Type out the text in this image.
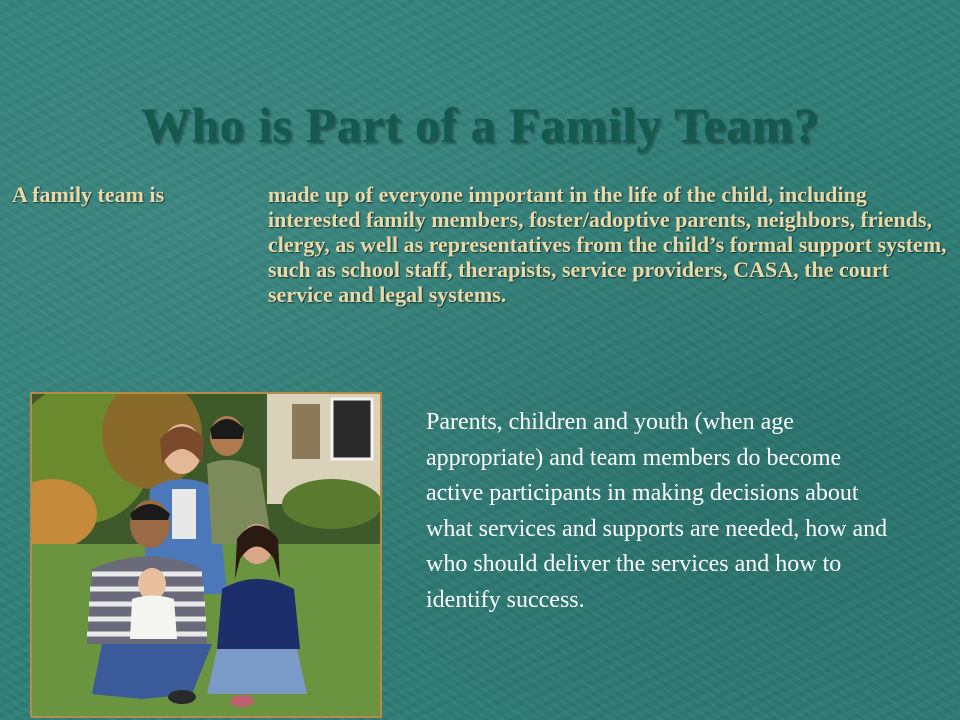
Who is Part of a Family Team?
A family team is	made up of everyone important in the life of the child, including interested family members, foster/adoptive parents, neighbors, friends, clergy, as well as representatives from the child’s formal support system, such as school staff, therapists, service providers, CASA, the court service and legal systems.

Parents, children and youth (when age appropriate) and team members do become active participants in making decisions about what services and supports are needed, how and who should deliver the services and how to identify success.
